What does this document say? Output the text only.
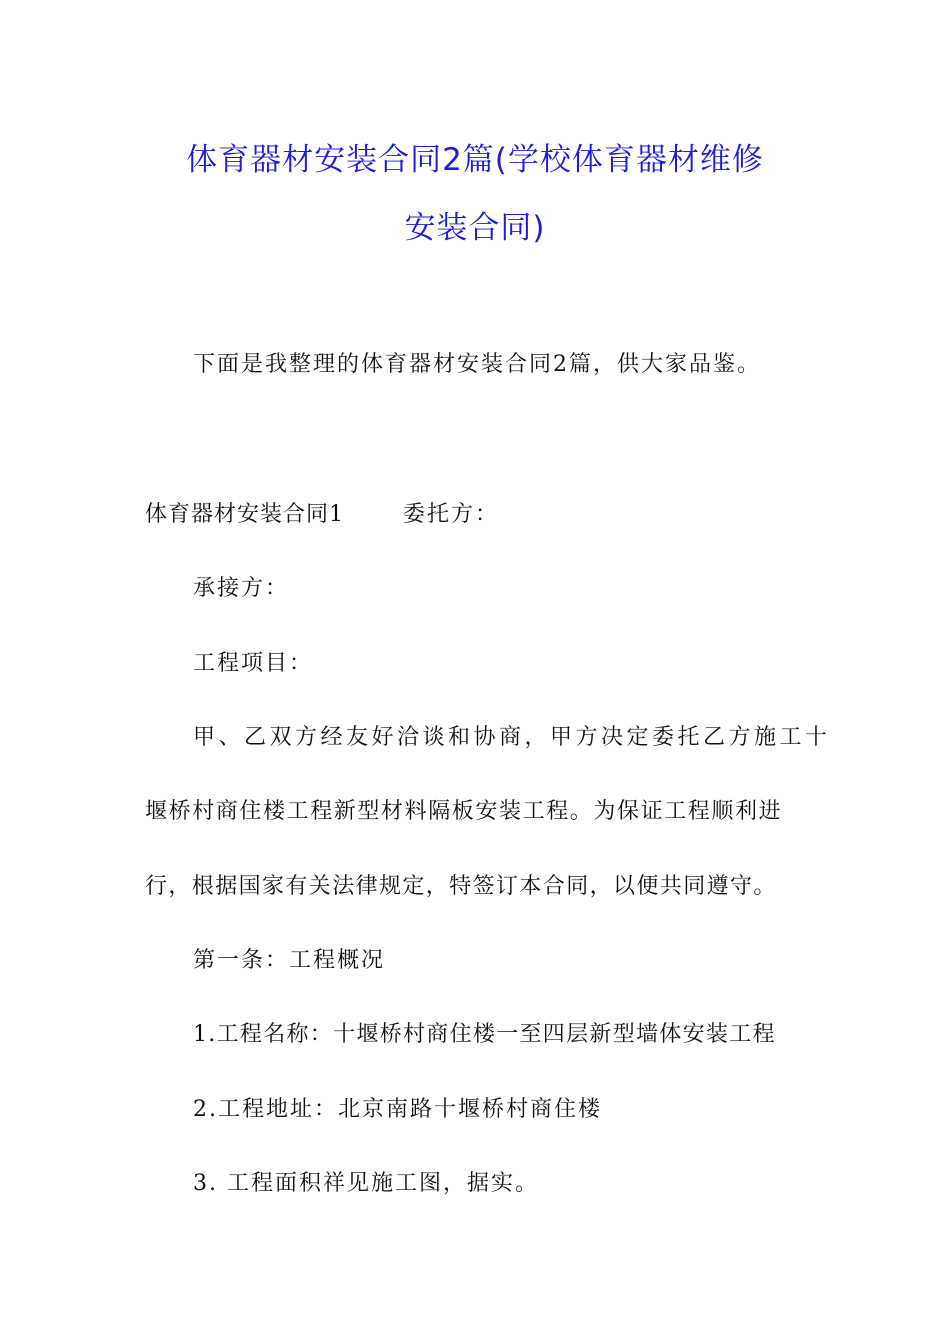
体育器材安装合同2篇(学校体育器材维修
安装合同)
下面是我整理的体育器材安装合同2篇，供大家品鉴。
体育器材安装合同1	委托方：
承接方：
工程项目：
甲、乙双方经友好洽谈和协商，甲方决定委托乙方施工十
堰桥村商住楼工程新型材料隔板安装工程。为保证工程顺利进
行，根据国家有关法律规定，特签订本合同，以便共同遵守。
第一条：工程概况
1.工程名称：十堰桥村商住楼一至四层新型墙体安装工程
2.工程地址：北京南路十堰桥村商住楼
3. 工程面积祥见施工图，据实。
